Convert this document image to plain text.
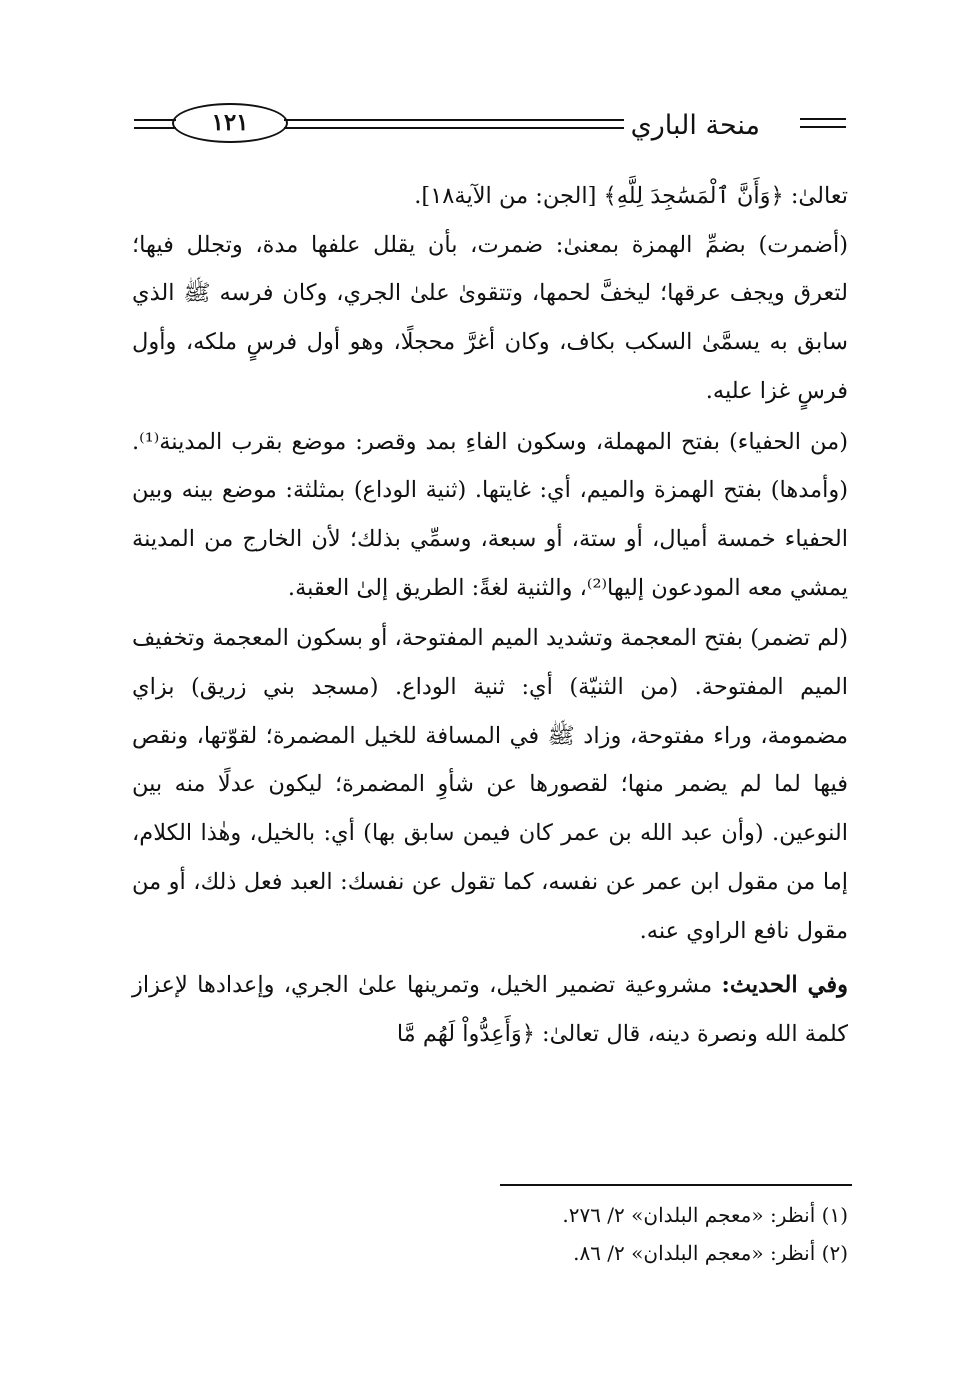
منحة الباري
١٢١

تعالىٰ: ﴿وَأَنَّ ٱلْمَسَٰجِدَ لِلَّهِ﴾ [الجن: من الآية١٨].

(أضمرت) بضمِّ الهمزة بمعنىٰ: ضمرت، بأن يقلل علفها مدة، وتجلل فيها؛ لتعرق ويجف عرقها؛ ليخفَّ لحمها، وتتقوىٰ علىٰ الجري، وكان فرسه ﷺ الذي سابق به يسمَّىٰ السكب بكاف، وكان أغرَّ محجلًا، وهو أول فرسٍ ملكه، وأول فرسٍ غزا عليه.

(من الحفياء) بفتح المهملة، وسكون الفاءِ بمد وقصر: موضع بقرب المدينة⁽¹⁾. (وأمدها) بفتح الهمزة والميم، أي: غايتها. (ثنية الوداع) بمثلثة: موضع بينه وبين الحفياء خمسة أميال، أو ستة، أو سبعة، وسمِّي بذلك؛ لأن الخارج من المدينة يمشي معه المودعون إليها⁽²⁾، والثنية لغةً: الطريق إلىٰ العقبة.

(لم تضمر) بفتح المعجمة وتشديد الميم المفتوحة، أو بسكون المعجمة وتخفيف الميم المفتوحة. (من الثنيّة) أي: ثنية الوداع. (مسجد بني زريق) بزاي مضمومة، وراء مفتوحة، وزاد ﷺ في المسافة للخيل المضمرة؛ لقوّتها، ونقص فيها لما لم يضمر منها؛ لقصورها عن شأوِ المضمرة؛ ليكون عدلًا منه بين النوعين. (وأن عبد الله بن عمر كان فيمن سابق بها) أي: بالخيل، وهٰذا الكلام، إما من مقول ابن عمر عن نفسه، كما تقول عن نفسك: العبد فعل ذلك، أو من مقول نافع الراوي عنه.

وفي الحديث: مشروعية تضمير الخيل، وتمرينها علىٰ الجري، وإعدادها لإعزاز كلمة الله ونصرة دينه، قال تعالىٰ: ﴿وَأَعِدُّواْ لَهُم مَّا

(١) أنظر: «معجم البلدان» ٢/ ٢٧٦.

(٢) أنظر: «معجم البلدان» ٢/ ٨٦.
